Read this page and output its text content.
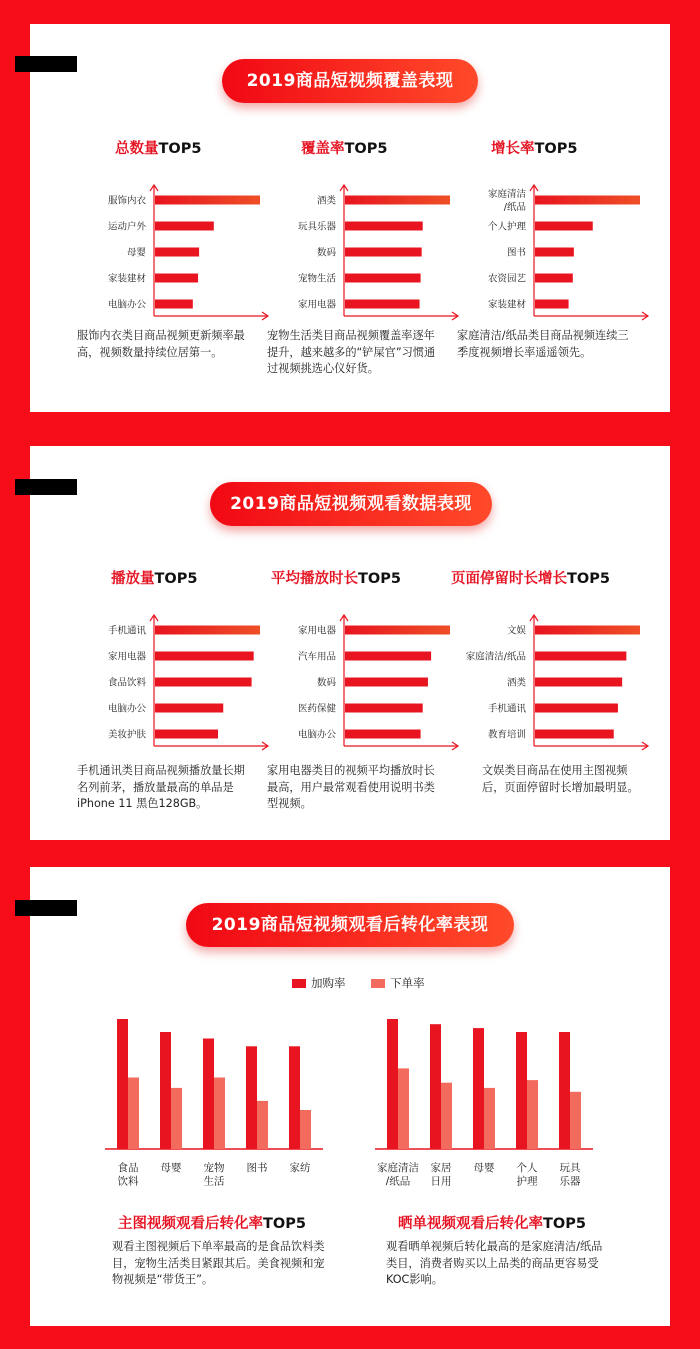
2019商品短视频覆盖表现
总数量TOP5	覆盖率TOP5	增长率TOP5
服饰内衣
运动户外
母婴
家装建材
电脑办公
酒类
玩具乐器
数码
宠物生活
家用电器
家庭清洁
/纸品
个人护理
图书
农资园艺
家装建材
服饰内衣类目商品视频更新频率最高，视频数量持续位居第一。
宠物生活类目商品视频覆盖率逐年提升，越来越多的“铲屎官”习惯通过视频挑选心仪好货。
家庭清洁/纸品类目商品视频连续三季度视频增长率遥遥领先。
2019商品短视频观看数据表现
播放量TOP5	平均播放时长TOP5	页面停留时长增长TOP5
手机通讯
家用电器
食品饮料
电脑办公
美妆护肤
家用电器
汽车用品
数码
医药保健
电脑办公
文娱
家庭清洁/纸品
酒类
手机通讯
教育培训
手机通讯类目商品视频播放量长期名列前茅，播放量最高的单品是iPhone 11 黑色128GB。
家用电器类目的视频平均播放时长最高，用户最常观看使用说明书类型视频。
文娱类目商品在使用主图视频后，页面停留时长增加最明显。
2019商品短视频观看后转化率表现
加购率	下单率
食品
饮料
母婴 宠物
生活
图书 家纺	家庭清洁
/纸品
家居
日用
母婴 个人
护理
玩具
乐器
主图视频观看后转化率TOP5	晒单视频观看后转化率TOP5
观看主图视频后下单率最高的是食品饮料类目，宠物生活类目紧跟其后。美食视频和宠物视频是“带货王”。
观看晒单视频后转化最高的是家庭清洁/纸品类目，消费者购买以上品类的商品更容易受KOC影响。
